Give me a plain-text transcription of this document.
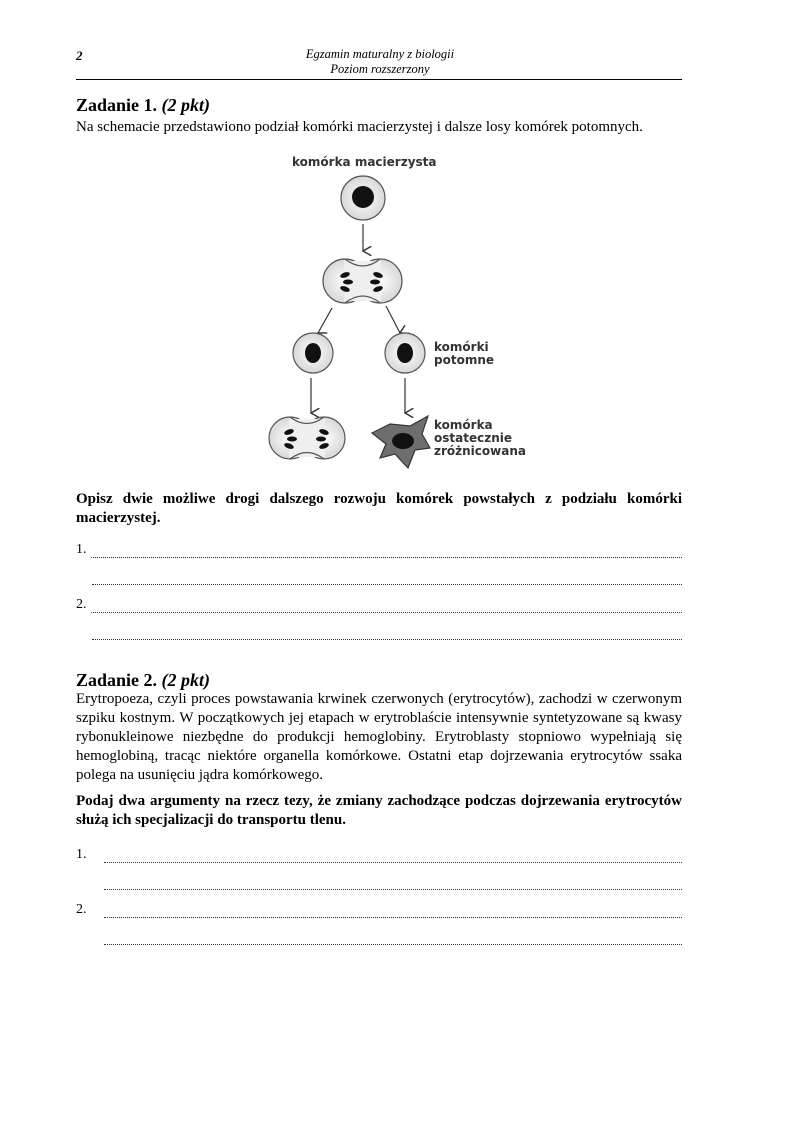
2	Egzamin maturalny z biologii
Poziom rozszerzony
Zadanie 1. (2 pkt)
Na schemacie przedstawiono podział komórki macierzystej i dalsze losy komórek potomnych.
komórka macierzysta
komórki
potomne
komórka
ostatecznie
zróżnicowana
Opisz dwie możliwe drogi dalszego rozwoju komórek powstałych z podziału komórki macierzystej.
1.
2.
Zadanie 2. (2 pkt)
Erytropoeza, czyli proces powstawania krwinek czerwonych (erytrocytów), zachodzi w czerwonym szpiku kostnym. W początkowych jej etapach w erytroblaście intensywnie syntetyzowane są kwasy rybonukleinowe niezbędne do produkcji hemoglobiny. Erytroblasty stopniowo wypełniają się hemoglobiną, tracąc niektóre organella komórkowe. Ostatni etap dojrzewania erytrocytów ssaka polega na usunięciu jądra komórkowego.
Podaj dwa argumenty na rzecz tezy, że zmiany zachodzące podczas dojrzewania erytrocytów służą ich specjalizacji do transportu tlenu.
1.
2.
